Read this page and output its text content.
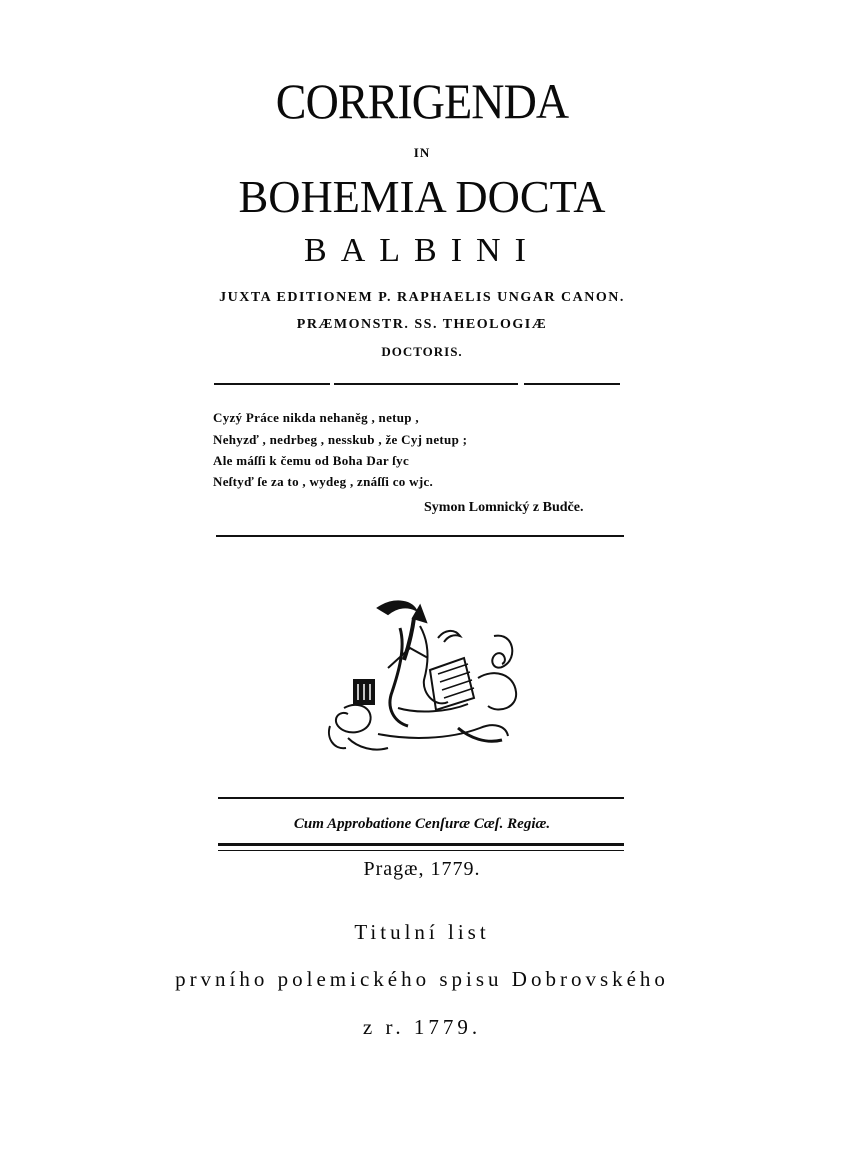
CORRIGENDA
IN
BOHEMIA DOCTA
BALBINI
JUXTA EDITIONEM P. RAPHAELIS UNGAR CANON.
PRÆMONSTR. SS. THEOLOGIÆ
DOCTORIS.
Cyzý Práce nikda nehaněg , netup ,
Nehyzď , nedrbeg , nesskub , že Cyj netup ;
Ale máſſi k čemu od Boha Dar ſyc
Neſtyď ſe za to , wydeg , znáſſi co wjc.
Symon Lomnický z Budče.
Cum Approbatione Cenſuræ Cæſ. Regiæ.
Pragæ, 1779.
Titulní list
prvního polemického spisu Dobrovského
z r. 1779.
